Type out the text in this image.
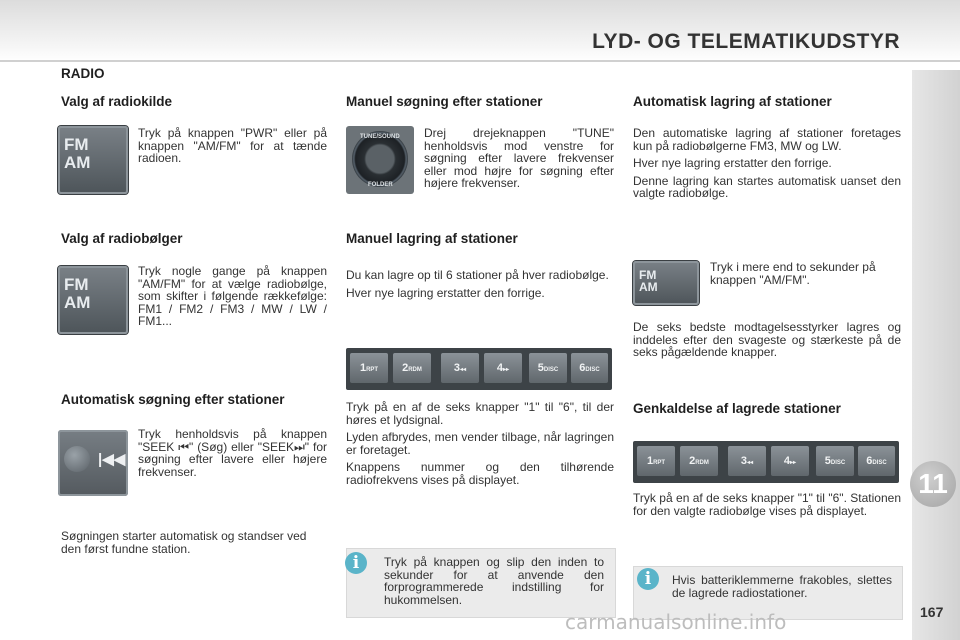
LYD- OG TELEMATIKUDSTYR
RADIO
Valg af radiokilde
FM
AM
Tryk på knappen "PWR" eller på knappen "AM/FM" for at tænde radioen.
Valg af radiobølger
FM
AM
Tryk nogle gange på knappen "AM/FM" for at vælge radiobølge, som skifter i følgende rækkefølge: FM1 / FM2 / FM3 / MW / LW / FM1...
Automatisk søgning efter stationer
|◀◀
Tryk henholdsvis på knappen "SEEK ⏮" (Søg) eller "SEEK⏭" for søgning efter lavere eller højere frekvenser.
Søgningen starter automatisk og standser ved den først fundne station.
Manuel søgning efter stationer
TUNE/SOUND
FOLDER
Drej drejeknappen "TUNE" henholdsvis mod venstre for søgning efter lavere frekvenser eller mod højre for søgning efter højere frekvenser.
Manuel lagring af stationer
Du kan lagre op til 6 stationer på hver radiobølge.
Hver nye lagring erstatter den forrige.
1RPT	2RDM	3◂◂	4▸▸	5DISC	6DISC
Tryk på en af de seks knapper "1" til "6", til der høres et lydsignal.
Lyden afbrydes, men vender tilbage, når lagringen er foretaget.
Knappens nummer og den tilhørende radiofrekvens vises på displayet.
i	Tryk på knappen og slip den inden to sekunder for at anvende den forprogrammerede indstilling for hukommelsen.
Automatisk lagring af stationer
Den automatiske lagring af stationer foretages kun på radiobølgerne FM3, MW og LW.
Hver nye lagring erstatter den forrige.
Denne lagring kan startes automatisk uanset den valgte radiobølge.
FM
AM
Tryk i mere end to sekunder på knappen "AM/FM".
De seks bedste modtagelsesstyrker lagres og inddeles efter den svageste og stærkeste på de seks pågældende knapper.
Genkaldelse af lagrede stationer
1RPT	2RDM	3◂◂	4▸▸	5DISC	6DISC
Tryk på en af de seks knapper "1" til "6". Stationen for den valgte radiobølge vises på displayet.
i	Hvis batteriklemmerne frakobles, slettes de lagrede radiostationer.
11
167
carmanualsonline.info
